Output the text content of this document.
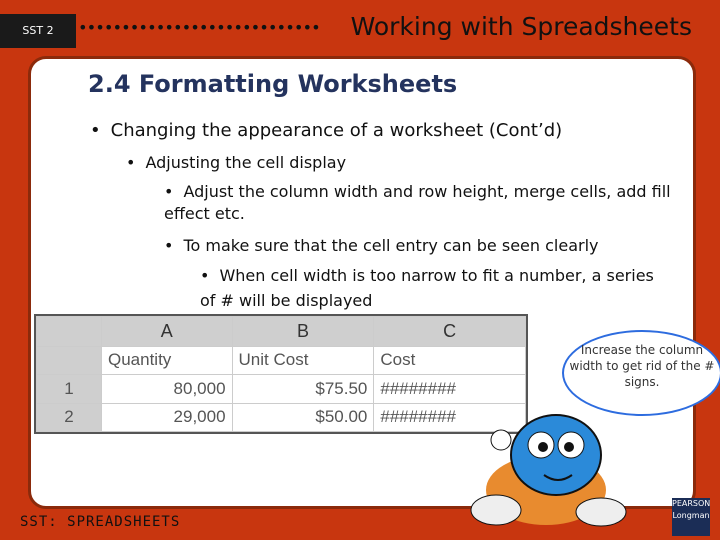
SST 2	•••••••••••••••••••••••••••• Working with Spreadsheets
2.4 Formatting Worksheets
• Changing the appearance of a worksheet (Cont’d)
• Adjusting the cell display
• Adjust the column width and row height, merge cells, add fill effect etc.
• To make sure that the cell entry can be seen clearly
• When cell width is too narrow to fit a number, a series of # will be displayed
	A	B	C
	Quantity	Unit Cost	Cost
1	80,000	$75.50	########
2	29,000	$50.00	########
Increase the column width to get rid of the # signs.
SST: SPREADSHEETS
PEARSON Longman
